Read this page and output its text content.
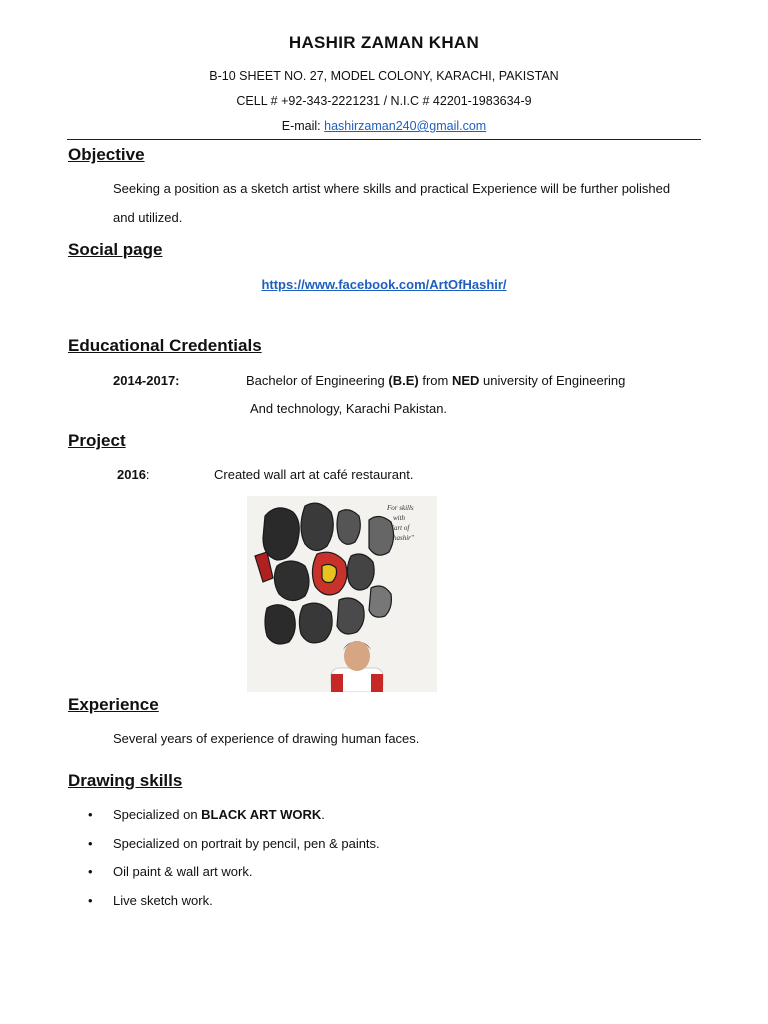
HASHIR ZAMAN KHAN
B-10 SHEET NO. 27, MODEL COLONY, KARACHI, PAKISTAN
CELL # +92-343-2221231 / N.I.C # 42201-1983634-9
E-mail: hashirzaman240@gmail.com
Objective
Seeking a position as a sketch artist where skills and practical Experience will be further polished
and utilized.
Social page
https://www.facebook.com/ArtOfHashir/
Educational Credentials
2014-2017:	Bachelor of Engineering (B.E) from NED university of Engineering
And technology, Karachi Pakistan.
Project
2016:	Created wall art at café restaurant.
For skills
with
"art of
hashir"
Experience
Several years of experience of drawing human faces.
Drawing skills
•	Specialized on BLACK ART WORK.
•	Specialized on portrait by pencil, pen & paints.
•	Oil paint & wall art work.
•	Live sketch work.
